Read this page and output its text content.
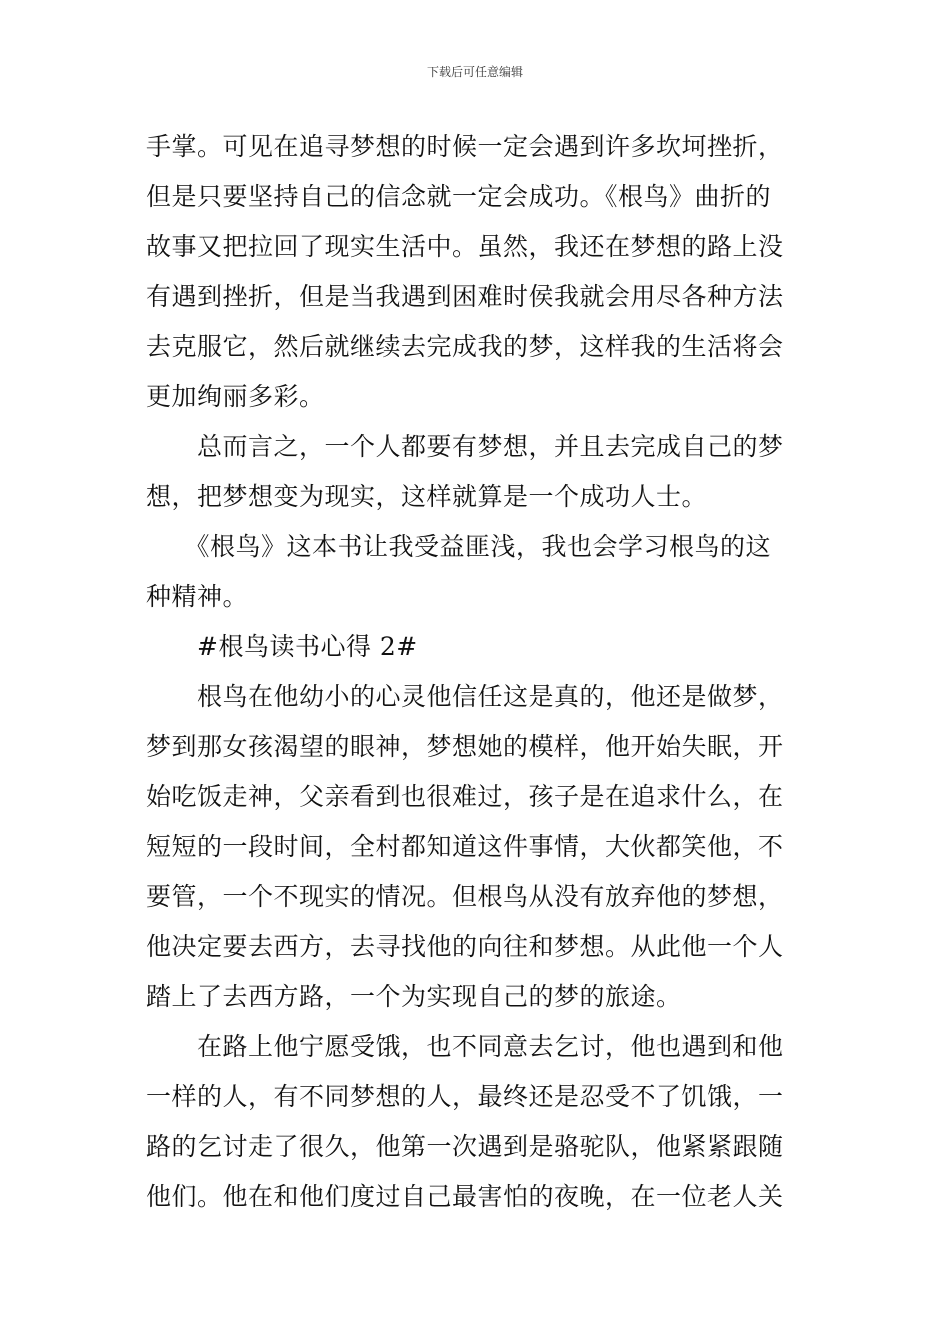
下载后可任意编辑
手掌。可见在追寻梦想的时候一定会遇到许多坎坷挫折，
但是只要坚持自己的信念就一定会成功。《根鸟》曲折的
故事又把拉回了现实生活中。虽然，我还在梦想的路上没
有遇到挫折，但是当我遇到困难时侯我就会用尽各种方法
去克服它，然后就继续去完成我的梦，这样我的生活将会
更加绚丽多彩。
　　总而言之，一个人都要有梦想，并且去完成自己的梦
想，把梦想变为现实，这样就算是一个成功人士。
　　《根鸟》这本书让我受益匪浅，我也会学习根鸟的这
种精神。
　　#根鸟读书心得 2#
　　根鸟在他幼小的心灵他信任这是真的，他还是做梦，
梦到那女孩渴望的眼神，梦想她的模样，他开始失眠，开
始吃饭走神，父亲看到也很难过，孩子是在追求什么，在
短短的一段时间，全村都知道这件事情，大伙都笑他，不
要管，一个不现实的情况。但根鸟从没有放弃他的梦想，
他决定要去西方，去寻找他的向往和梦想。从此他一个人
踏上了去西方路，一个为实现自己的梦的旅途。
　　在路上他宁愿受饿，也不同意去乞讨，他也遇到和他
一样的人，有不同梦想的人，最终还是忍受不了饥饿，一
路的乞讨走了很久，他第一次遇到是骆驼队，他紧紧跟随
他们。他在和他们度过自己最害怕的夜晚，在一位老人关
